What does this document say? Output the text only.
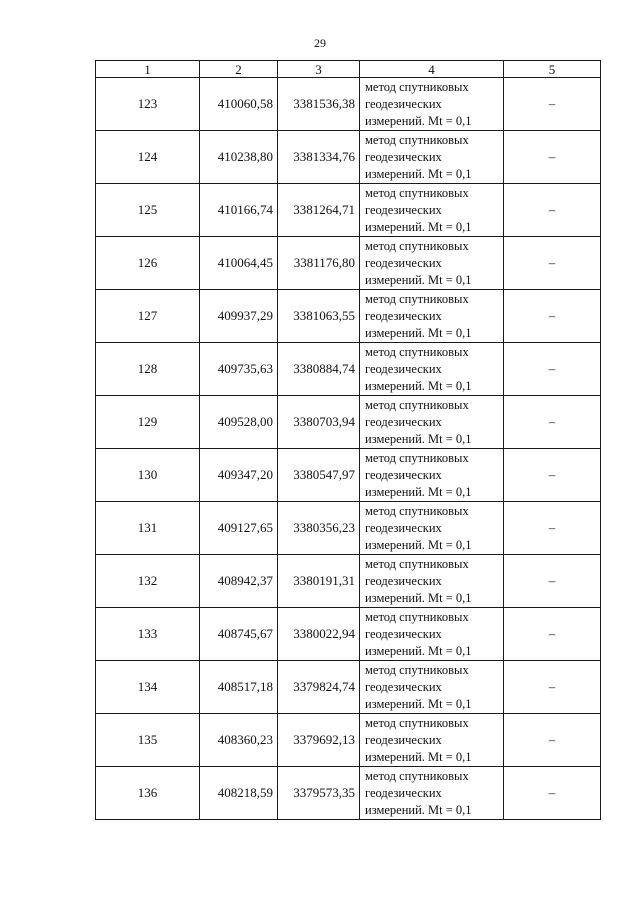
29
1	2	3	4	5
123	410060,58	3381536,38	метод спутниковых
геодезических
измерений. Mt = 0,1	–
124	410238,80	3381334,76	метод спутниковых
геодезических
измерений. Mt = 0,1	–
125	410166,74	3381264,71	метод спутниковых
геодезических
измерений. Mt = 0,1	–
126	410064,45	3381176,80	метод спутниковых
геодезических
измерений. Mt = 0,1	–
127	409937,29	3381063,55	метод спутниковых
геодезических
измерений. Mt = 0,1	–
128	409735,63	3380884,74	метод спутниковых
геодезических
измерений. Mt = 0,1	–
129	409528,00	3380703,94	метод спутниковых
геодезических
измерений. Mt = 0,1	–
130	409347,20	3380547,97	метод спутниковых
геодезических
измерений. Mt = 0,1	–
131	409127,65	3380356,23	метод спутниковых
геодезических
измерений. Mt = 0,1	–
132	408942,37	3380191,31	метод спутниковых
геодезических
измерений. Mt = 0,1	–
133	408745,67	3380022,94	метод спутниковых
геодезических
измерений. Mt = 0,1	–
134	408517,18	3379824,74	метод спутниковых
геодезических
измерений. Mt = 0,1	–
135	408360,23	3379692,13	метод спутниковых
геодезических
измерений. Mt = 0,1	–
136	408218,59	3379573,35	метод спутниковых
геодезических
измерений. Mt = 0,1	–
